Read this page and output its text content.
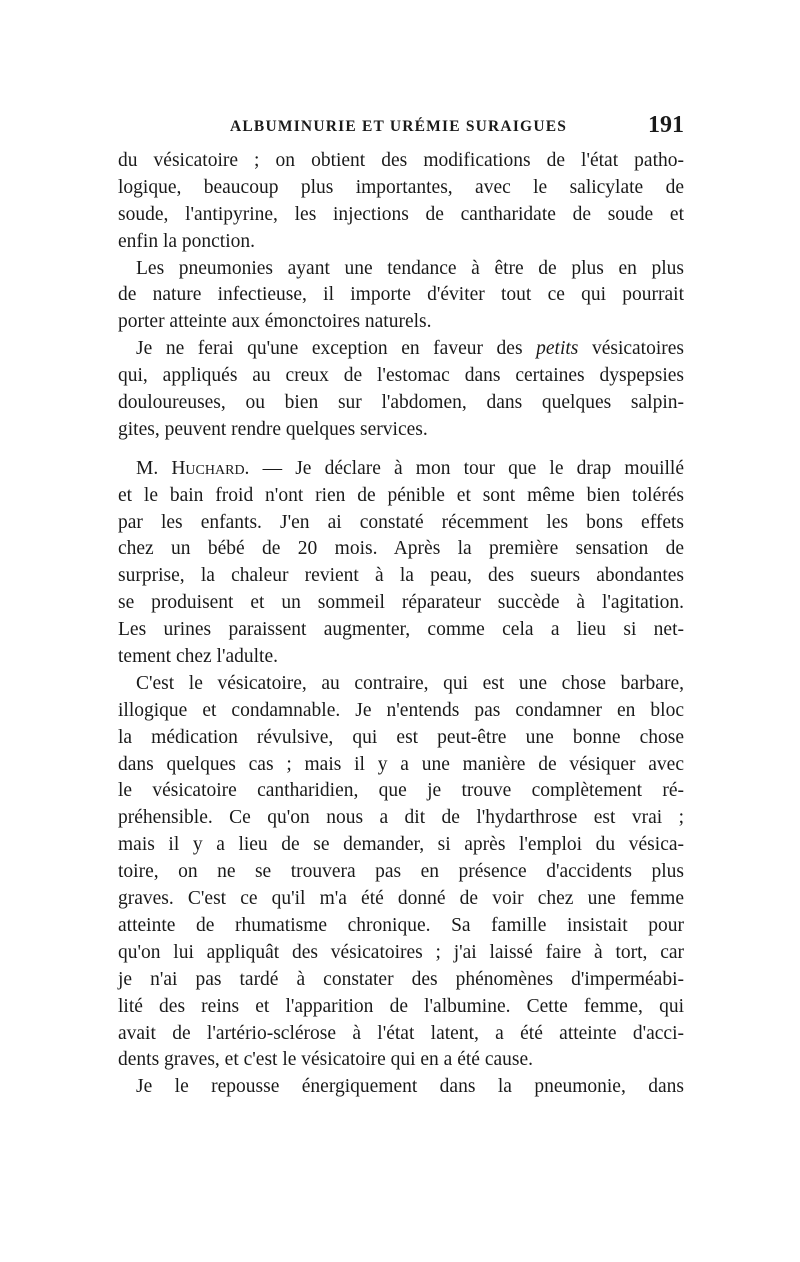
ALBUMINURIE ET URÉMIE SURAIGUES	191
du vésicatoire ; on obtient des modifications de l'état patho-
logique, beaucoup plus importantes, avec le salicylate de
soude, l'antipyrine, les injections de cantharidate de soude et
enfin la ponction.
Les pneumonies ayant une tendance à être de plus en plus
de nature infectieuse, il importe d'éviter tout ce qui pourrait
porter atteinte aux émonctoires naturels.
Je ne ferai qu'une exception en faveur des petits vésicatoires
qui, appliqués au creux de l'estomac dans certaines dyspepsies
douloureuses, ou bien sur l'abdomen, dans quelques salpin-
gites, peuvent rendre quelques services.
M. Huchard. — Je déclare à mon tour que le drap mouillé
et le bain froid n'ont rien de pénible et sont même bien tolérés
par les enfants. J'en ai constaté récemment les bons effets
chez un bébé de 20 mois. Après la première sensation de
surprise, la chaleur revient à la peau, des sueurs abondantes
se produisent et un sommeil réparateur succède à l'agitation.
Les urines paraissent augmenter, comme cela a lieu si net-
tement chez l'adulte.
C'est le vésicatoire, au contraire, qui est une chose barbare,
illogique et condamnable. Je n'entends pas condamner en bloc
la médication révulsive, qui est peut-être une bonne chose
dans quelques cas ; mais il y a une manière de vésiquer avec
le vésicatoire cantharidien, que je trouve complètement ré-
préhensible. Ce qu'on nous a dit de l'hydarthrose est vrai ;
mais il y a lieu de se demander, si après l'emploi du vésica-
toire, on ne se trouvera pas en présence d'accidents plus
graves. C'est ce qu'il m'a été donné de voir chez une femme
atteinte de rhumatisme chronique. Sa famille insistait pour
qu'on lui appliquât des vésicatoires ; j'ai laissé faire à tort, car
je n'ai pas tardé à constater des phénomènes d'imperméabi-
lité des reins et l'apparition de l'albumine. Cette femme, qui
avait de l'artério-sclérose à l'état latent, a été atteinte d'acci-
dents graves, et c'est le vésicatoire qui en a été cause.
Je le repousse énergiquement dans la pneumonie, dans
